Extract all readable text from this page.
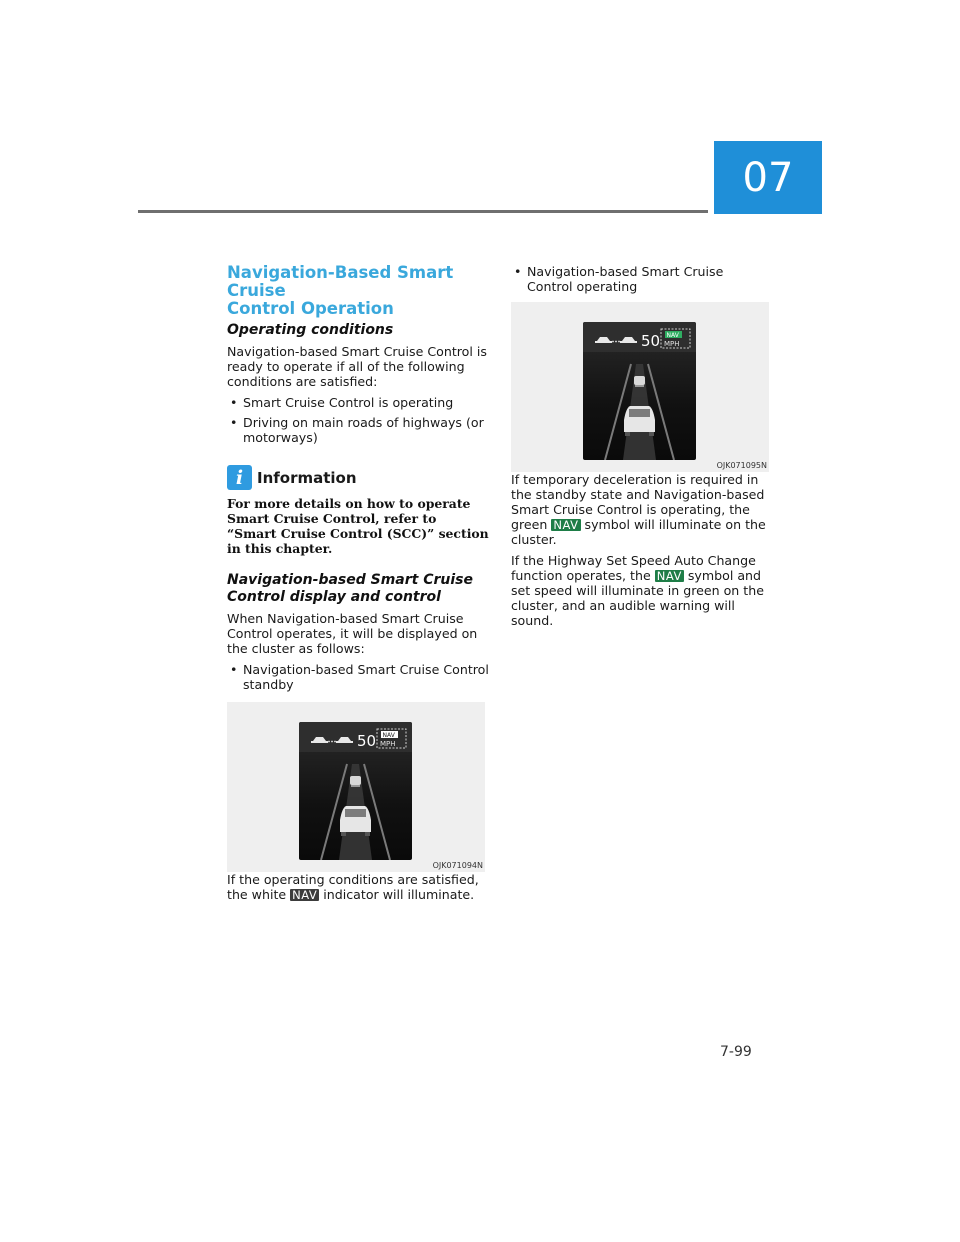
07
Navigation-Based Smart Cruise
Control Operation
Operating conditions

Navigation-based Smart Cruise Control is ready to operate if all of the following conditions are satisfied:

• Smart Cruise Control is operating
• Driving on main roads of highways (or motorways)
i Information

For more details on how to operate Smart Cruise Control, refer to “Smart Cruise Control (SCC)” section in this chapter.

Navigation-based Smart Cruise
Control display and control

When Navigation-based Smart Cruise Control operates, it will be displayed on the cluster as follows:

• Navigation-based Smart Cruise Control standby
50 NAV
MPH
OJK071094N

If the operating conditions are satisfied, the white NAV indicator will illuminate.

• Navigation-based Smart Cruise Control operating
50 NAV
MPH
OJK071095N

If temporary deceleration is required in the standby state and Navigation-based Smart Cruise Control is operating, the green NAV symbol will illuminate on the cluster.

If the Highway Set Speed Auto Change function operates, the NAV symbol and set speed will illuminate in green on the cluster, and an audible warning will sound.

7-99
